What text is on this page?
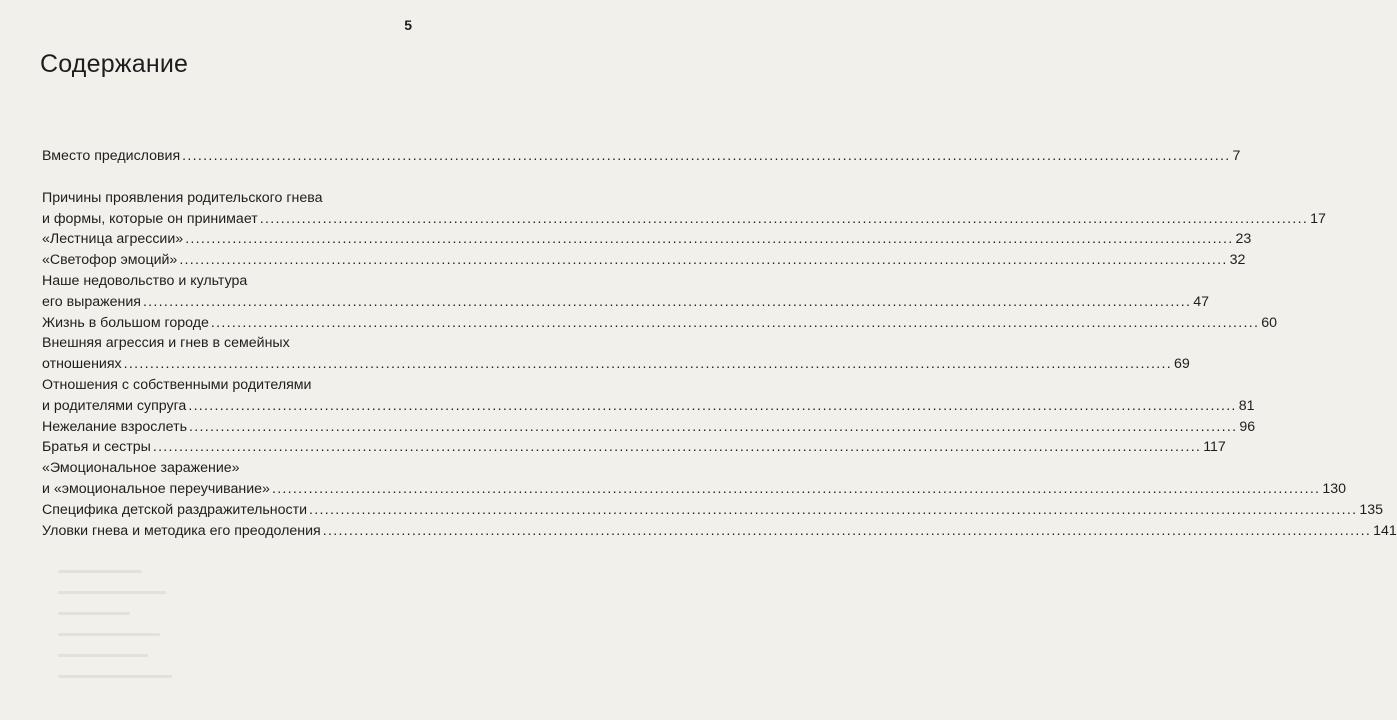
5
Содержание
Вместо предисловия ........................................................................................................................................................................................................ 7
Причины проявления родительского гнева
и формы, которые он принимает ........................................................................................................................................................................................................ 17
«Лестница агрессии» ........................................................................................................................................................................................................ 23
«Светофор эмоций» ........................................................................................................................................................................................................ 32
Наше недовольство и культура
его выражения ........................................................................................................................................................................................................ 47
Жизнь в большом городе ........................................................................................................................................................................................................ 60
Внешняя агрессия и гнев в семейных
отношениях ........................................................................................................................................................................................................ 69
Отношения с собственными родителями
и родителями супруга ........................................................................................................................................................................................................ 81
Нежелание взрослеть ........................................................................................................................................................................................................ 96
Братья и сестры ........................................................................................................................................................................................................ 117
«Эмоциональное заражение»
и «эмоциональное переучивание» ........................................................................................................................................................................................................ 130
Специфика детской раздражительности ........................................................................................................................................................................................................ 135
Уловки гнева и методика его преодоления ........................................................................................................................................................................................................ 141
